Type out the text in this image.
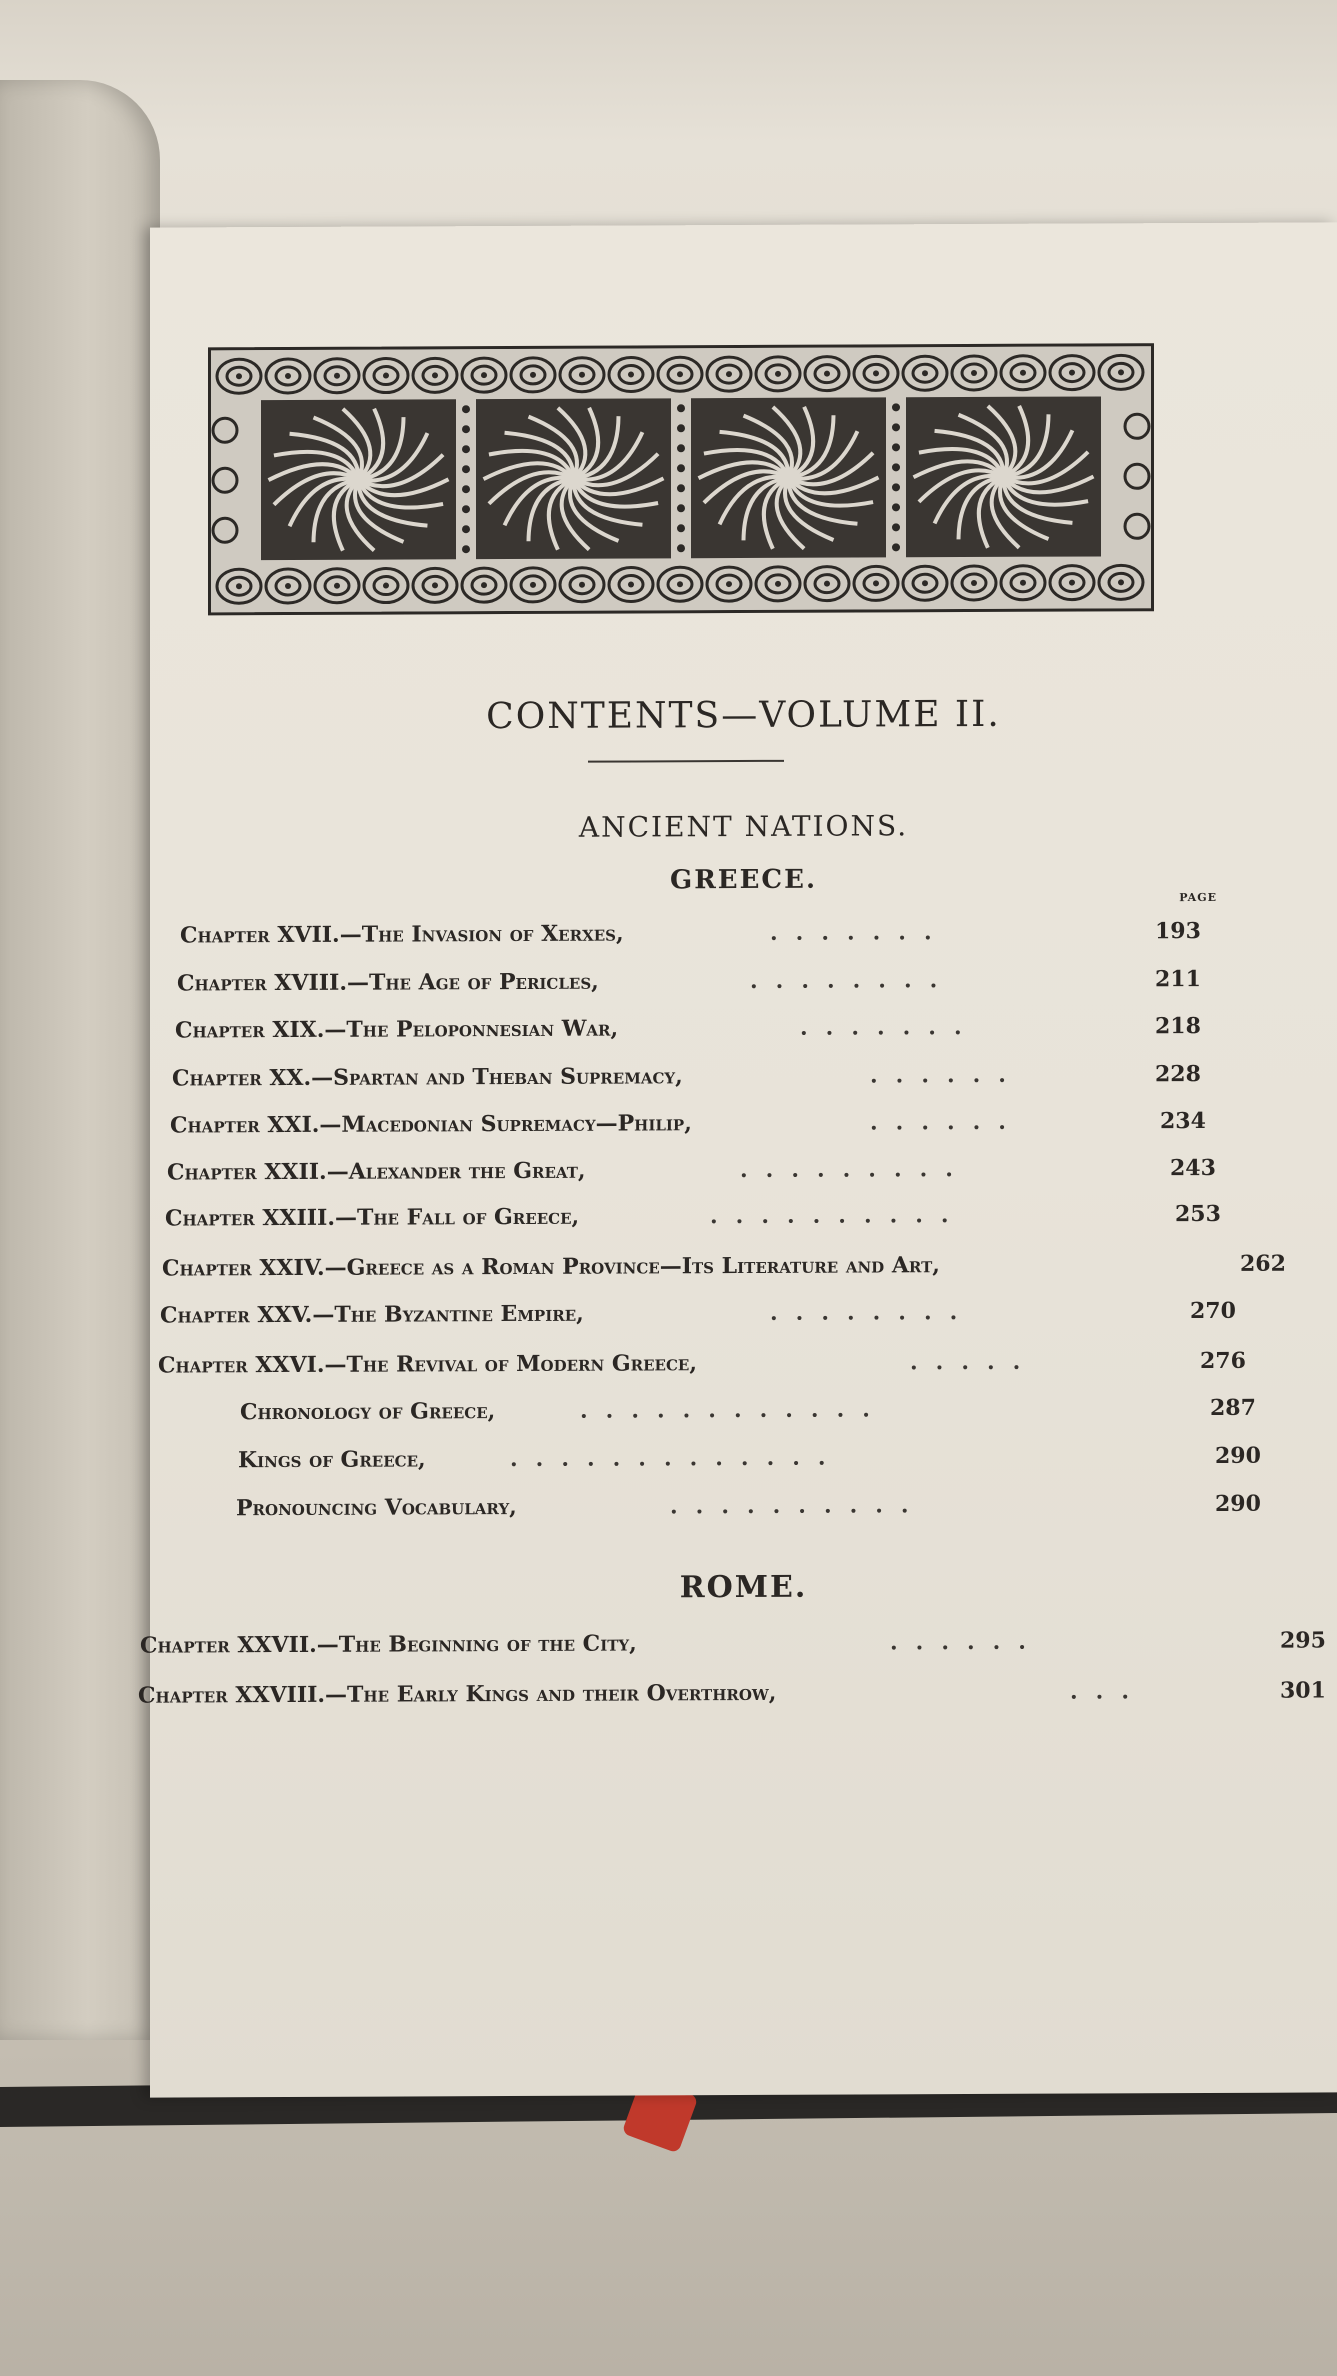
CONTENTS—VOLUME II.
ANCIENT NATIONS.
GREECE.
PAGE
Chapter XVII.—The Invasion of Xerxes,	.......	193
Chapter XVIII.—The Age of Pericles,	........	211
Chapter XIX.—The Peloponnesian War,	.......	218
Chapter XX.—Spartan and Theban Supremacy,	......	228
Chapter XXI.—Macedonian Supremacy—Philip,	......	234
Chapter XXII.—Alexander the Great,	.........	243
Chapter XXIII.—The Fall of Greece,	..........	253
Chapter XXIV.—Greece as a Roman Province—Its Literature and Art,	262
Chapter XXV.—The Byzantine Empire,	........	270
Chapter XXVI.—The Revival of Modern Greece,	.....	276
Chronology of Greece,	............	287
Kings of Greece,	.............	290
Pronouncing Vocabulary,	..........	290
ROME.
Chapter XXVII.—The Beginning of the City,	......	295
Chapter XXVIII.—The Early Kings and their Overthrow,	...	301
